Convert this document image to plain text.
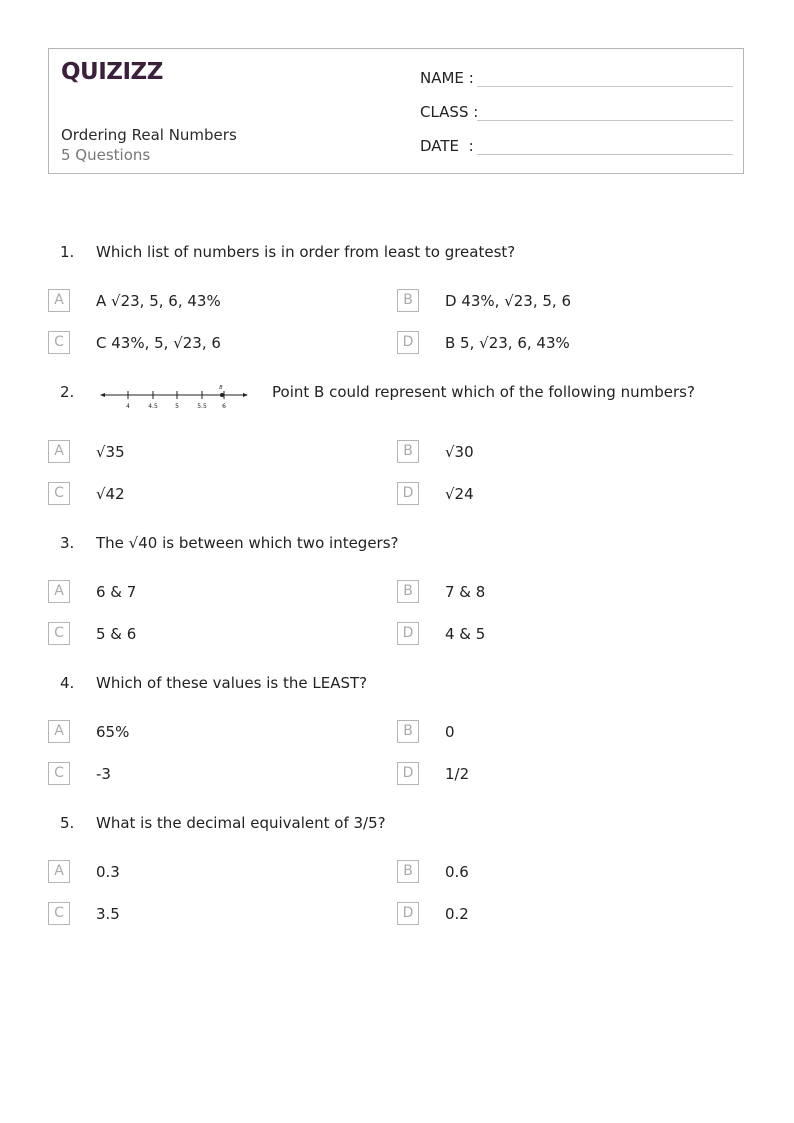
QUIZIZZ
Ordering Real Numbers
5 Questions
NAME :
CLASS :
DATE :
1. Which list of numbers is in order from least to greatest?
A	A √23, 5, 6, 43%	B	D 43%, √23, 5, 6
C	C 43%, 5, √23, 6	D	B 5, √23, 6, 43%
2.
4	4.5	5	5.5	6
B	Point B could represent which of the following numbers?
A	√35	B	√30
C	√42	D	√24
3. The √40 is between which two integers?
A	6 & 7	B	7 & 8
C	5 & 6	D	4 & 5
4. Which of these values is the LEAST?
A	65%	B	0
C	-3	D	1/2
5. What is the decimal equivalent of 3/5?
A	0.3	B	0.6
C	3.5	D	0.2
